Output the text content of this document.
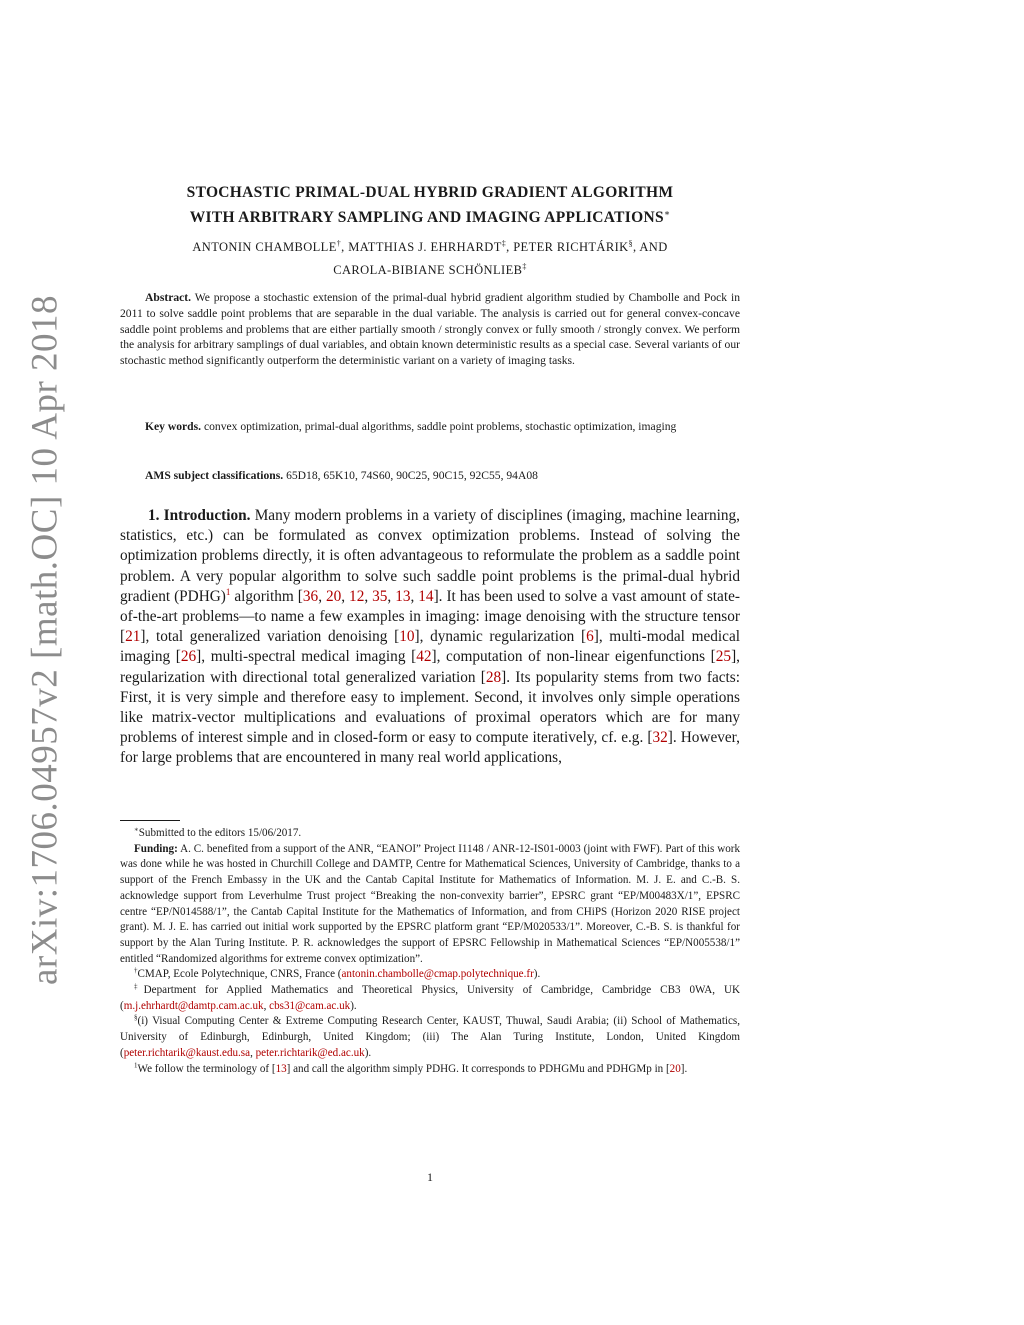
arXiv:1706.04957v2 [math.OC] 10 Apr 2018
STOCHASTIC PRIMAL-DUAL HYBRID GRADIENT ALGORITHM
WITH ARBITRARY SAMPLING AND IMAGING APPLICATIONS∗
ANTONIN CHAMBOLLE†, MATTHIAS J. EHRHARDT‡, PETER RICHTÁRIK§, AND
CAROLA-BIBIANE SCHÖNLIEB‡
Abstract. We propose a stochastic extension of the primal-dual hybrid gradient algorithm studied by Chambolle and Pock in 2011 to solve saddle point problems that are separable in the dual variable. The analysis is carried out for general convex-concave saddle point problems and problems that are either partially smooth / strongly convex or fully smooth / strongly convex. We perform the analysis for arbitrary samplings of dual variables, and obtain known deterministic results as a special case. Several variants of our stochastic method significantly outperform the deterministic variant on a variety of imaging tasks.
Key words. convex optimization, primal-dual algorithms, saddle point problems, stochastic optimization, imaging
AMS subject classifications. 65D18, 65K10, 74S60, 90C25, 90C15, 92C55, 94A08
1. Introduction. Many modern problems in a variety of disciplines (imaging, machine learning, statistics, etc.) can be formulated as convex optimization problems. Instead of solving the optimization problems directly, it is often advantageous to reformulate the problem as a saddle point problem. A very popular algorithm to solve such saddle point problems is the primal-dual hybrid gradient (PDHG)$^1$ algorithm [36, 20, 12, 35, 13, 14]. It has been used to solve a vast amount of state-of-the-art problems—to name a few examples in imaging: image denoising with the structure tensor [21], total generalized variation denoising [10], dynamic regularization [6], multi-modal medical imaging [26], multi-spectral medical imaging [42], computation of non-linear eigenfunctions [25], regularization with directional total generalized variation [28]. Its popularity stems from two facts: First, it is very simple and therefore easy to implement. Second, it involves only simple operations like matrix-vector multiplications and evaluations of proximal operators which are for many problems of interest simple and in closed-form or easy to compute iteratively, cf. e.g. [32]. However, for large problems that are encountered in many real world applications,

∗Submitted to the editors 15/06/2017.

Funding: A. C. benefited from a support of the ANR, “EANOI” Project I1148 / ANR-12-IS01-0003 (joint with FWF). Part of this work was done while he was hosted in Churchill College and DAMTP, Centre for Mathematical Sciences, University of Cambridge, thanks to a support of the French Embassy in the UK and the Cantab Capital Institute for Mathematics of Information. M. J. E. and C.-B. S. acknowledge support from Leverhulme Trust project “Breaking the non-convexity barrier”, EPSRC grant “EP/M00483X/1”, EPSRC centre “EP/N014588/1”, the Cantab Capital Institute for the Mathematics of Information, and from CHiPS (Horizon 2020 RISE project grant). M. J. E. has carried out initial work supported by the EPSRC platform grant “EP/M020533/1”. Moreover, C.-B. S. is thankful for support by the Alan Turing Institute. P. R. acknowledges the support of EPSRC Fellowship in Mathematical Sciences “EP/N005538/1” entitled “Randomized algorithms for extreme convex optimization”.

†CMAP, Ecole Polytechnique, CNRS, France (antonin.chambolle@cmap.polytechnique.fr).

‡Department for Applied Mathematics and Theoretical Physics, University of Cambridge, Cambridge CB3 0WA, UK (m.j.ehrhardt@damtp.cam.ac.uk, cbs31@cam.ac.uk).

§(i) Visual Computing Center & Extreme Computing Research Center, KAUST, Thuwal, Saudi Arabia; (ii) School of Mathematics, University of Edinburgh, Edinburgh, United Kingdom; (iii) The Alan Turing Institute, London, United Kingdom (peter.richtarik@kaust.edu.sa, peter.richtarik@ed.ac.uk).

$^1$We follow the terminology of [13] and call the algorithm simply PDHG. It corresponds to PDHGMu and PDHGMp in [20].

1
